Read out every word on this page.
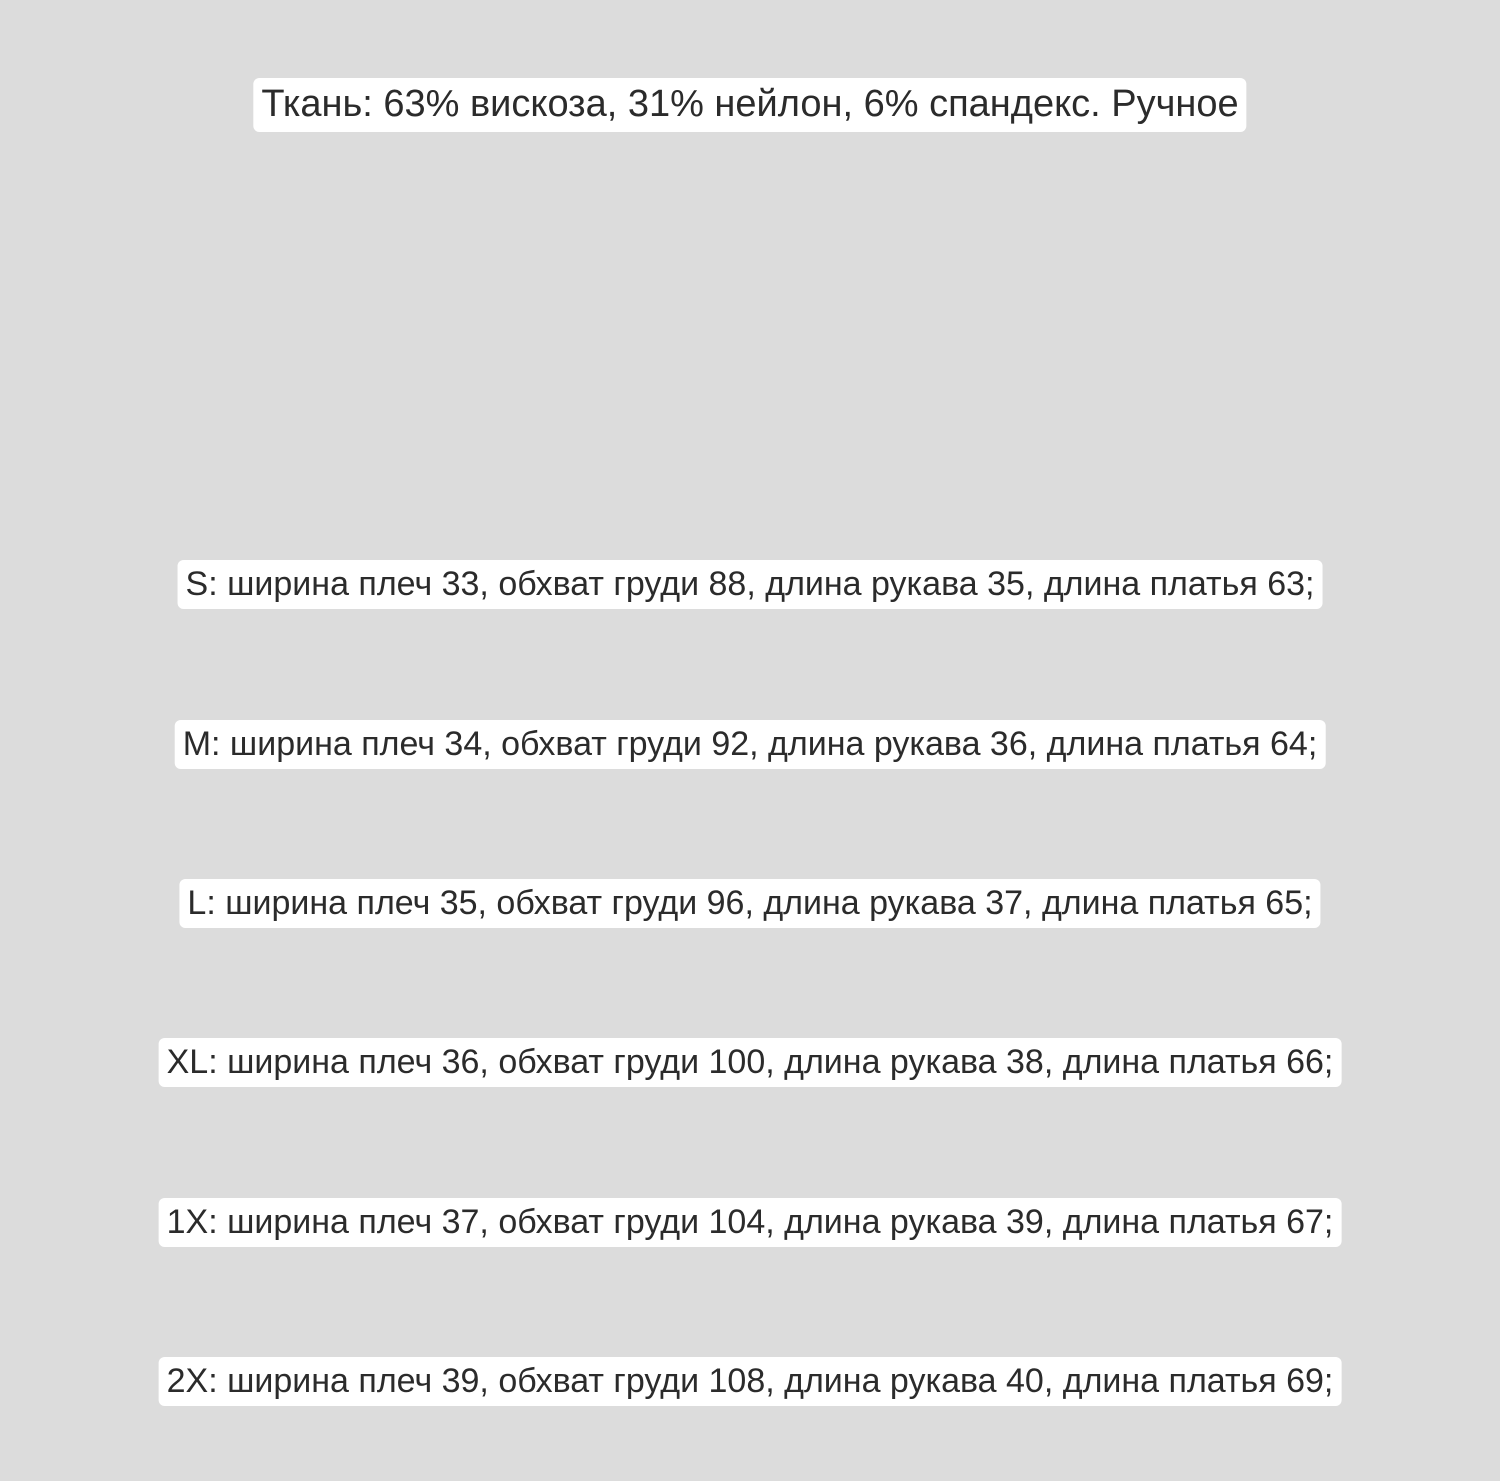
Ткань: 63% вискоза, 31% нейлон, 6% спандекс. Ручное
S: ширина плеч 33, обхват груди 88, длина рукава 35, длина платья 63;
M: ширина плеч 34, обхват груди 92, длина рукава 36, длина платья 64;
L: ширина плеч 35, обхват груди 96, длина рукава 37, длина платья 65;
XL: ширина плеч 36, обхват груди 100, длина рукава 38, длина платья 66;
1X: ширина плеч 37, обхват груди 104, длина рукава 39, длина платья 67;
2X: ширина плеч 39, обхват груди 108, длина рукава 40, длина платья 69;
